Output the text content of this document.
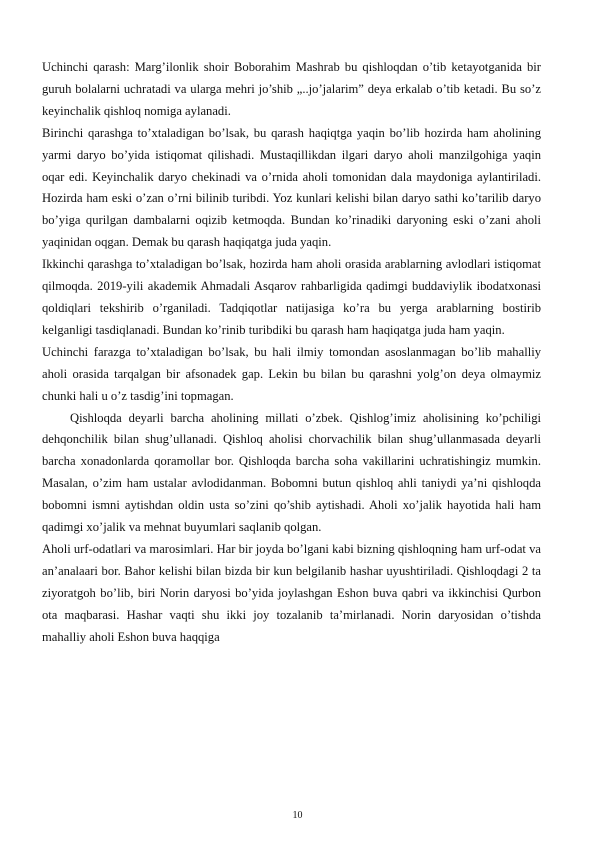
Uchinchi qarash: Marg’ilonlik shoir Boborahim Mashrab bu qishloqdan o’tib ketayotganida bir guruh bolalarni uchratadi va ularga mehri jo’shib „..jo’jalarim” deya erkalab o’tib ketadi. Bu so’z keyinchalik qishloq nomiga aylanadi.

Birinchi qarashga to’xtaladigan bo’lsak, bu qarash haqiqtga yaqin bo’lib hozirda ham aholining yarmi daryo bo’yida istiqomat qilishadi. Mustaqillikdan ilgari daryo aholi manzilgohiga yaqin oqar edi. Keyinchalik daryo chekinadi va o’rnida aholi tomonidan dala maydoniga aylantiriladi. Hozirda ham eski o’zan o’rni bilinib turibdi. Yoz kunlari kelishi bilan daryo sathi ko’tarilib daryo bo’yiga qurilgan dambalarni oqizib ketmoqda. Bundan ko’rinadiki daryoning eski o’zani aholi yaqinidan oqgan. Demak bu qarash haqiqatga juda yaqin.

Ikkinchi qarashga to’xtaladigan bo’lsak, hozirda ham aholi orasida arablarning avlodlari istiqomat qilmoqda. 2019-yili akademik Ahmadali Asqarov rahbarligida qadimgi buddaviylik ibodatxonasi qoldiqlari tekshirib o’rganiladi. Tadqiqotlar natijasiga ko’ra bu yerga arablarning bostirib kelganligi tasdiqlanadi. Bundan ko’rinib turibdiki bu qarash ham haqiqatga juda ham yaqin.

Uchinchi farazga to’xtaladigan bo’lsak, bu hali ilmiy tomondan asoslanmagan bo’lib mahalliy aholi orasida tarqalgan bir afsonadek gap. Lekin bu bilan bu qarashni yolg’on deya olmaymiz chunki hali u o’z tasdig’ini topmagan.

Qishloqda deyarli barcha aholining millati o’zbek. Qishlog’imiz aholisining ko’pchiligi dehqonchilik bilan shug’ullanadi. Qishloq aholisi chorvachilik bilan shug’ullanmasada deyarli barcha xonadonlarda qoramollar bor. Qishloqda barcha soha vakillarini uchratishingiz mumkin. Masalan, o’zim ham ustalar avlodidanman. Bobomni butun qishloq ahli taniydi ya’ni qishloqda bobomni ismni aytishdan oldin usta so’zini qo’shib aytishadi. Aholi xo’jalik hayotida hali ham qadimgi xo’jalik va mehnat buyumlari saqlanib qolgan.

Aholi urf-odatlari va marosimlari. Har bir joyda bo’lgani kabi bizning qishloqning ham urf-odat va an’analaari bor. Bahor kelishi bilan bizda bir kun belgilanib hashar uyushtiriladi. Qishloqdagi 2 ta ziyoratgoh bo’lib, biri Norin daryosi bo’yida joylashgan Eshon buva qabri va ikkinchisi Qurbon ota maqbarasi. Hashar vaqti shu ikki joy tozalanib ta’mirlanadi. Norin daryosidan o’tishda mahalliy aholi Eshon buva haqqiga

10
